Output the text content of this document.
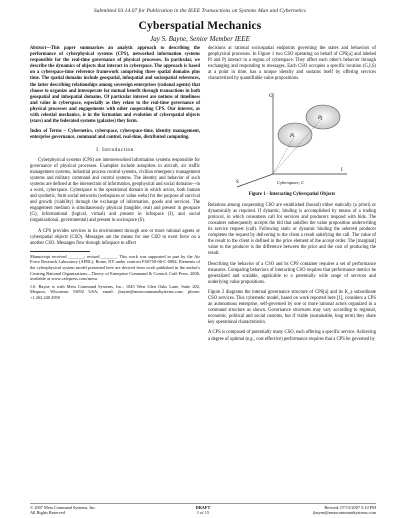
Submitted 03.14.07 for Publication in the IEEE Transactions on Systems Man and Cybernetics
Cyberspatial Mechanics
Jay S. Bayne, Senior Member IEEE

Abstract—This paper summarizes an analytic approach to describing the performance of cyberphysical systems (CPS), networked information systems responsible for the real-time governance of physical processes. In particular, we describe the dynamics of objects that interact in cyberspace. The approach is based on a cyberspace-time reference framework comprising three spatial domains plus time. The spatial domains include geospatial, infospatial and sociospatial references, the latter describing relationships among sovereign enterprises (rational agents) that choose to organize and interoperate for mutual benefit through transactions in both geospatial and infospatial domains. Of particular interest are notions of timeliness and value in cyberspace, especially as they relate to the real-time governance of physical processes and engagements with other cooperating CPS. Our interest, as with celestial mechanics, is in the formation and evolution of cyberspatial objects (stars) and the federated systems (galaxies) they form.

Index of Terms – Cybernetics, cyberspace, cyberspace-time, identity management, enterprise governance, command and control, real-time, distributed computing.

I. Introduction

Cyberphysical systems (CPS) are internetworked information systems responsible for governance of physical processes. Examples include autopilots in aircraft, air traffic management systems, industrial process control systems, civilian emergency management systems and military command and control systems. The identity and behavior of such systems are defined at the intersection of information, geophysical and social domains—in a word, cyberspace. Cyberspace is the operational domain in which actors, both human and synthetic, form social networks (webspaces or value webs) for the purpose of survival and growth (viability) through the exchange of information, goods and services. The engagement medium is simultaneously physical (tangible, real) and present in geospace (G), informational (logical, virtual) and present in infospace (I), and social (organizational, governmental) and present in sociospace (S).

A CPS provides services to its environment through one or more rational agents or cyberspatial objects (CSO). Messages are the means for one CSO to exert force on a another CSO. Messages flow through infospace to affect

Manuscript received _______; revised _______. This work was supported in part by the Air Force Research Laboratory (AFRL), Rome, NY under contract FA8750-06-C-0084. Elements of the cyberphysical system model presented here are derived from work published in the author's Creating Rational Organizations—Theory of Enterprise Command & Control, Café Press, 2006, available at www.cafepress.com/mesa.

J.S. Bayne is with Meta Command Systems, Inc., 1045 West Glen Oaks Lane, Suite 202, Mequon, Wisconsin 53092 USA; email: jbayne@metacommandsystems.com; phone: +1.262.240.2950

decisions at rational sociospatial endpoints governing the states and behaviors of geophysical processes. In Figure 1 two CSO operating on behalf of CPS[a] and labeled Pi and Pj interact in a region of cyberspace. They affect each other's behavior through exchanging and responding to messages. Each CSO occupies a specific location (G,I,S) at a point in time, has a unique identity and sustains itself by offering services characterized by quantifiable value propositions.

G
I
S
Pi
Pj
Cyberspace, C
Figure 1 - Interacting Cyberspatial Objects

Relations among cooperating CSO are established (bound) either statically (a priori) or dynamically as required. If dynamic, binding is accomplished by means of a trading protocol, in which consumers call for services and producers respond with bids. The consumer subsequently accepts the bid that satisfies the value proposition underwriting its service request (call). Following static or dynamic binding the selected producer completes the request by delivering to the client a result satisfying the call. The value of the result to the client is defined in the price element of the accept order. The [marginal] value to the producer is the difference between the price and the cost of producing the result.

Describing the behavior of a CSO and its CPS container requires a set of performance measures. Comparing behaviors of interacting CSO requires that performance metrics be generalized and scalable, applicable to a potentially wide range of services and underlying value propositions.

Figure 2 diagrams the internal governance structure of CPS[a] and its K_a subordinate CSO services. This cybernetic model, based on work reported here [1], considers a CPS an autonomous enterprise, self-governed by one or more rational actors organized in a command structure as shown. Governance structures may vary according to regional, economic, political and social customs, but if viable (sustainable, long term) they share key operational characteristics.

A CPS is composed of potentially many CSO, each offering a specific service. Achieving a degree of optimal (e.g., cost effective) performance requires that a CPS be governed by

© 2007 Meta Command Systems, Inc.
All Rights Reserved
DRAFT
1 of 15
Revised: 07/15/2007 5:10 PM
jbayne@metacommandsystems.com
